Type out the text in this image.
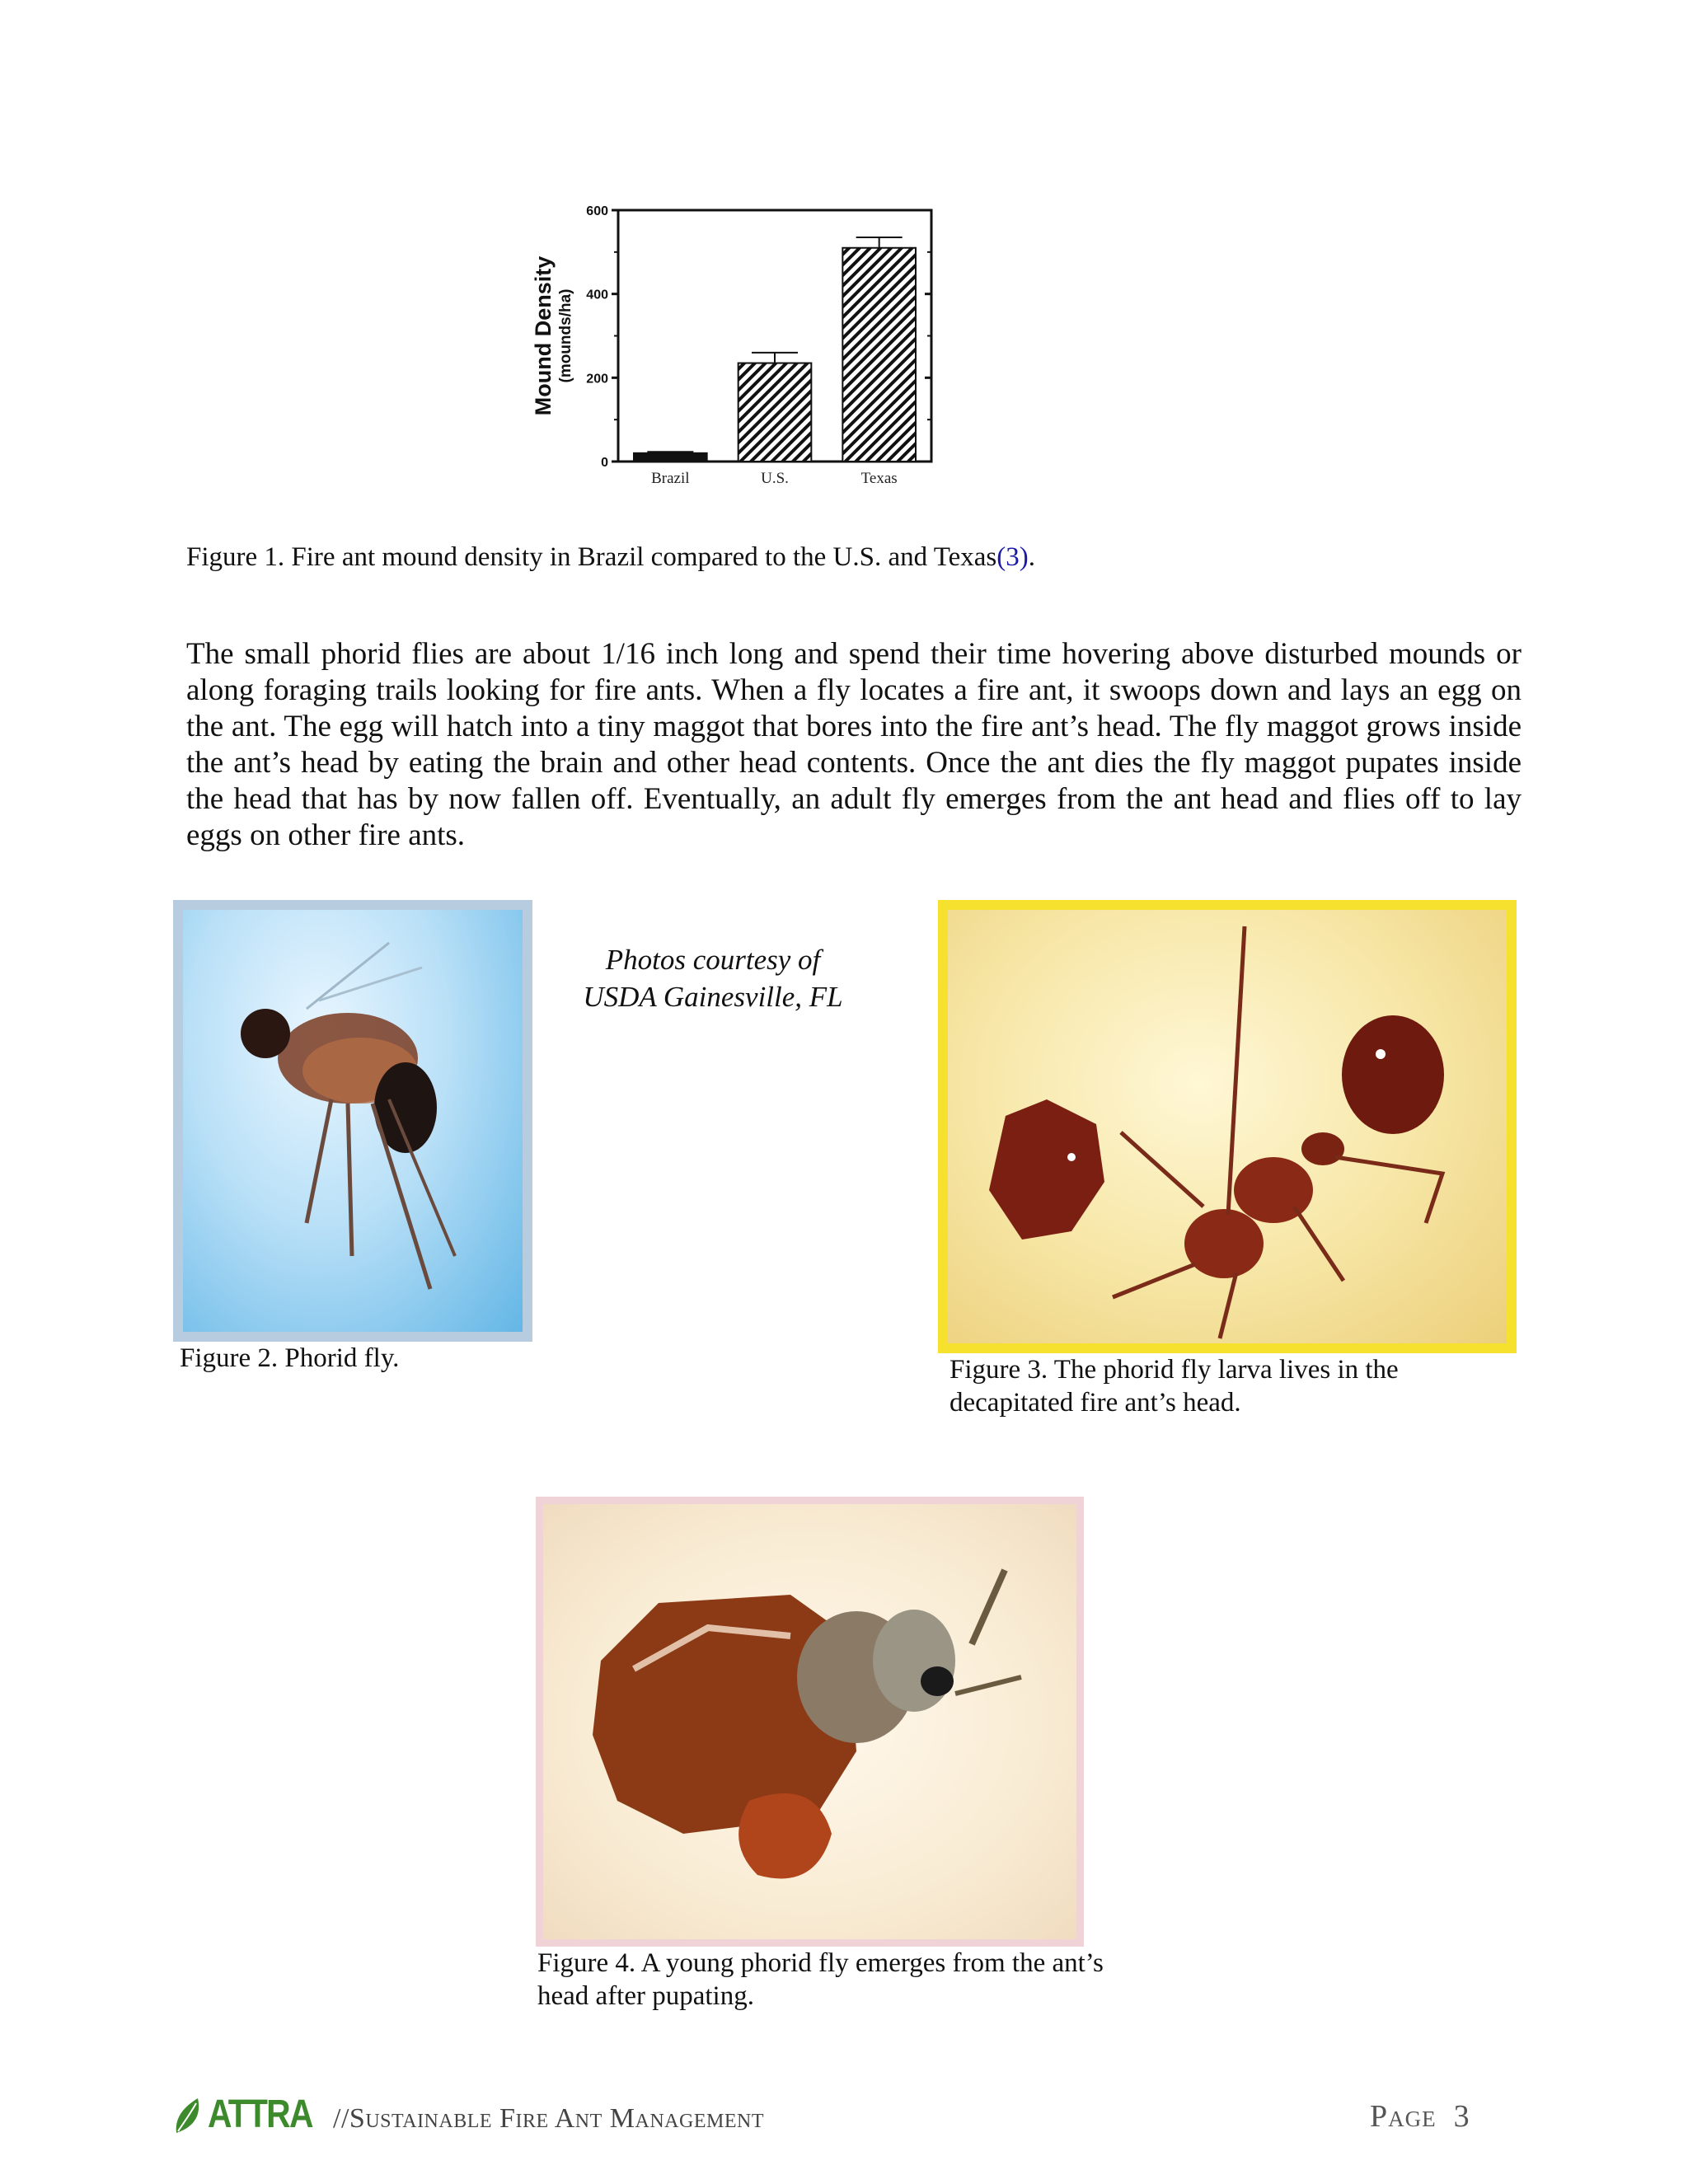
0
200
400
600
Mound Density (mounds/ha)
Brazil	U.S.	Texas
Figure 1. Fire ant mound density in Brazil compared to the U.S. and Texas(3).
The small phorid flies are about 1/16 inch long and spend their time hovering above disturbed mounds or along foraging trails looking for fire ants. When a fly locates a fire ant, it swoops down and lays an egg on the ant. The egg will hatch into a tiny maggot that bores into the fire ant’s head. The fly maggot grows inside the ant’s head by eating the brain and other head contents. Once the ant dies the fly maggot pupates inside the head that has by now fallen off. Eventually, an adult fly emerges from the ant head and flies off to lay eggs on other fire ants.
Photos courtesy of
USDA Gainesville, FL
Figure 2. Phorid fly.	Figure 3. The phorid fly larva lives in the decapitated fire ant’s head.
Figure 4. A young phorid fly emerges from the ant’s head after pupating.
ATTRA //Sustainable Fire Ant Management	Page 3
